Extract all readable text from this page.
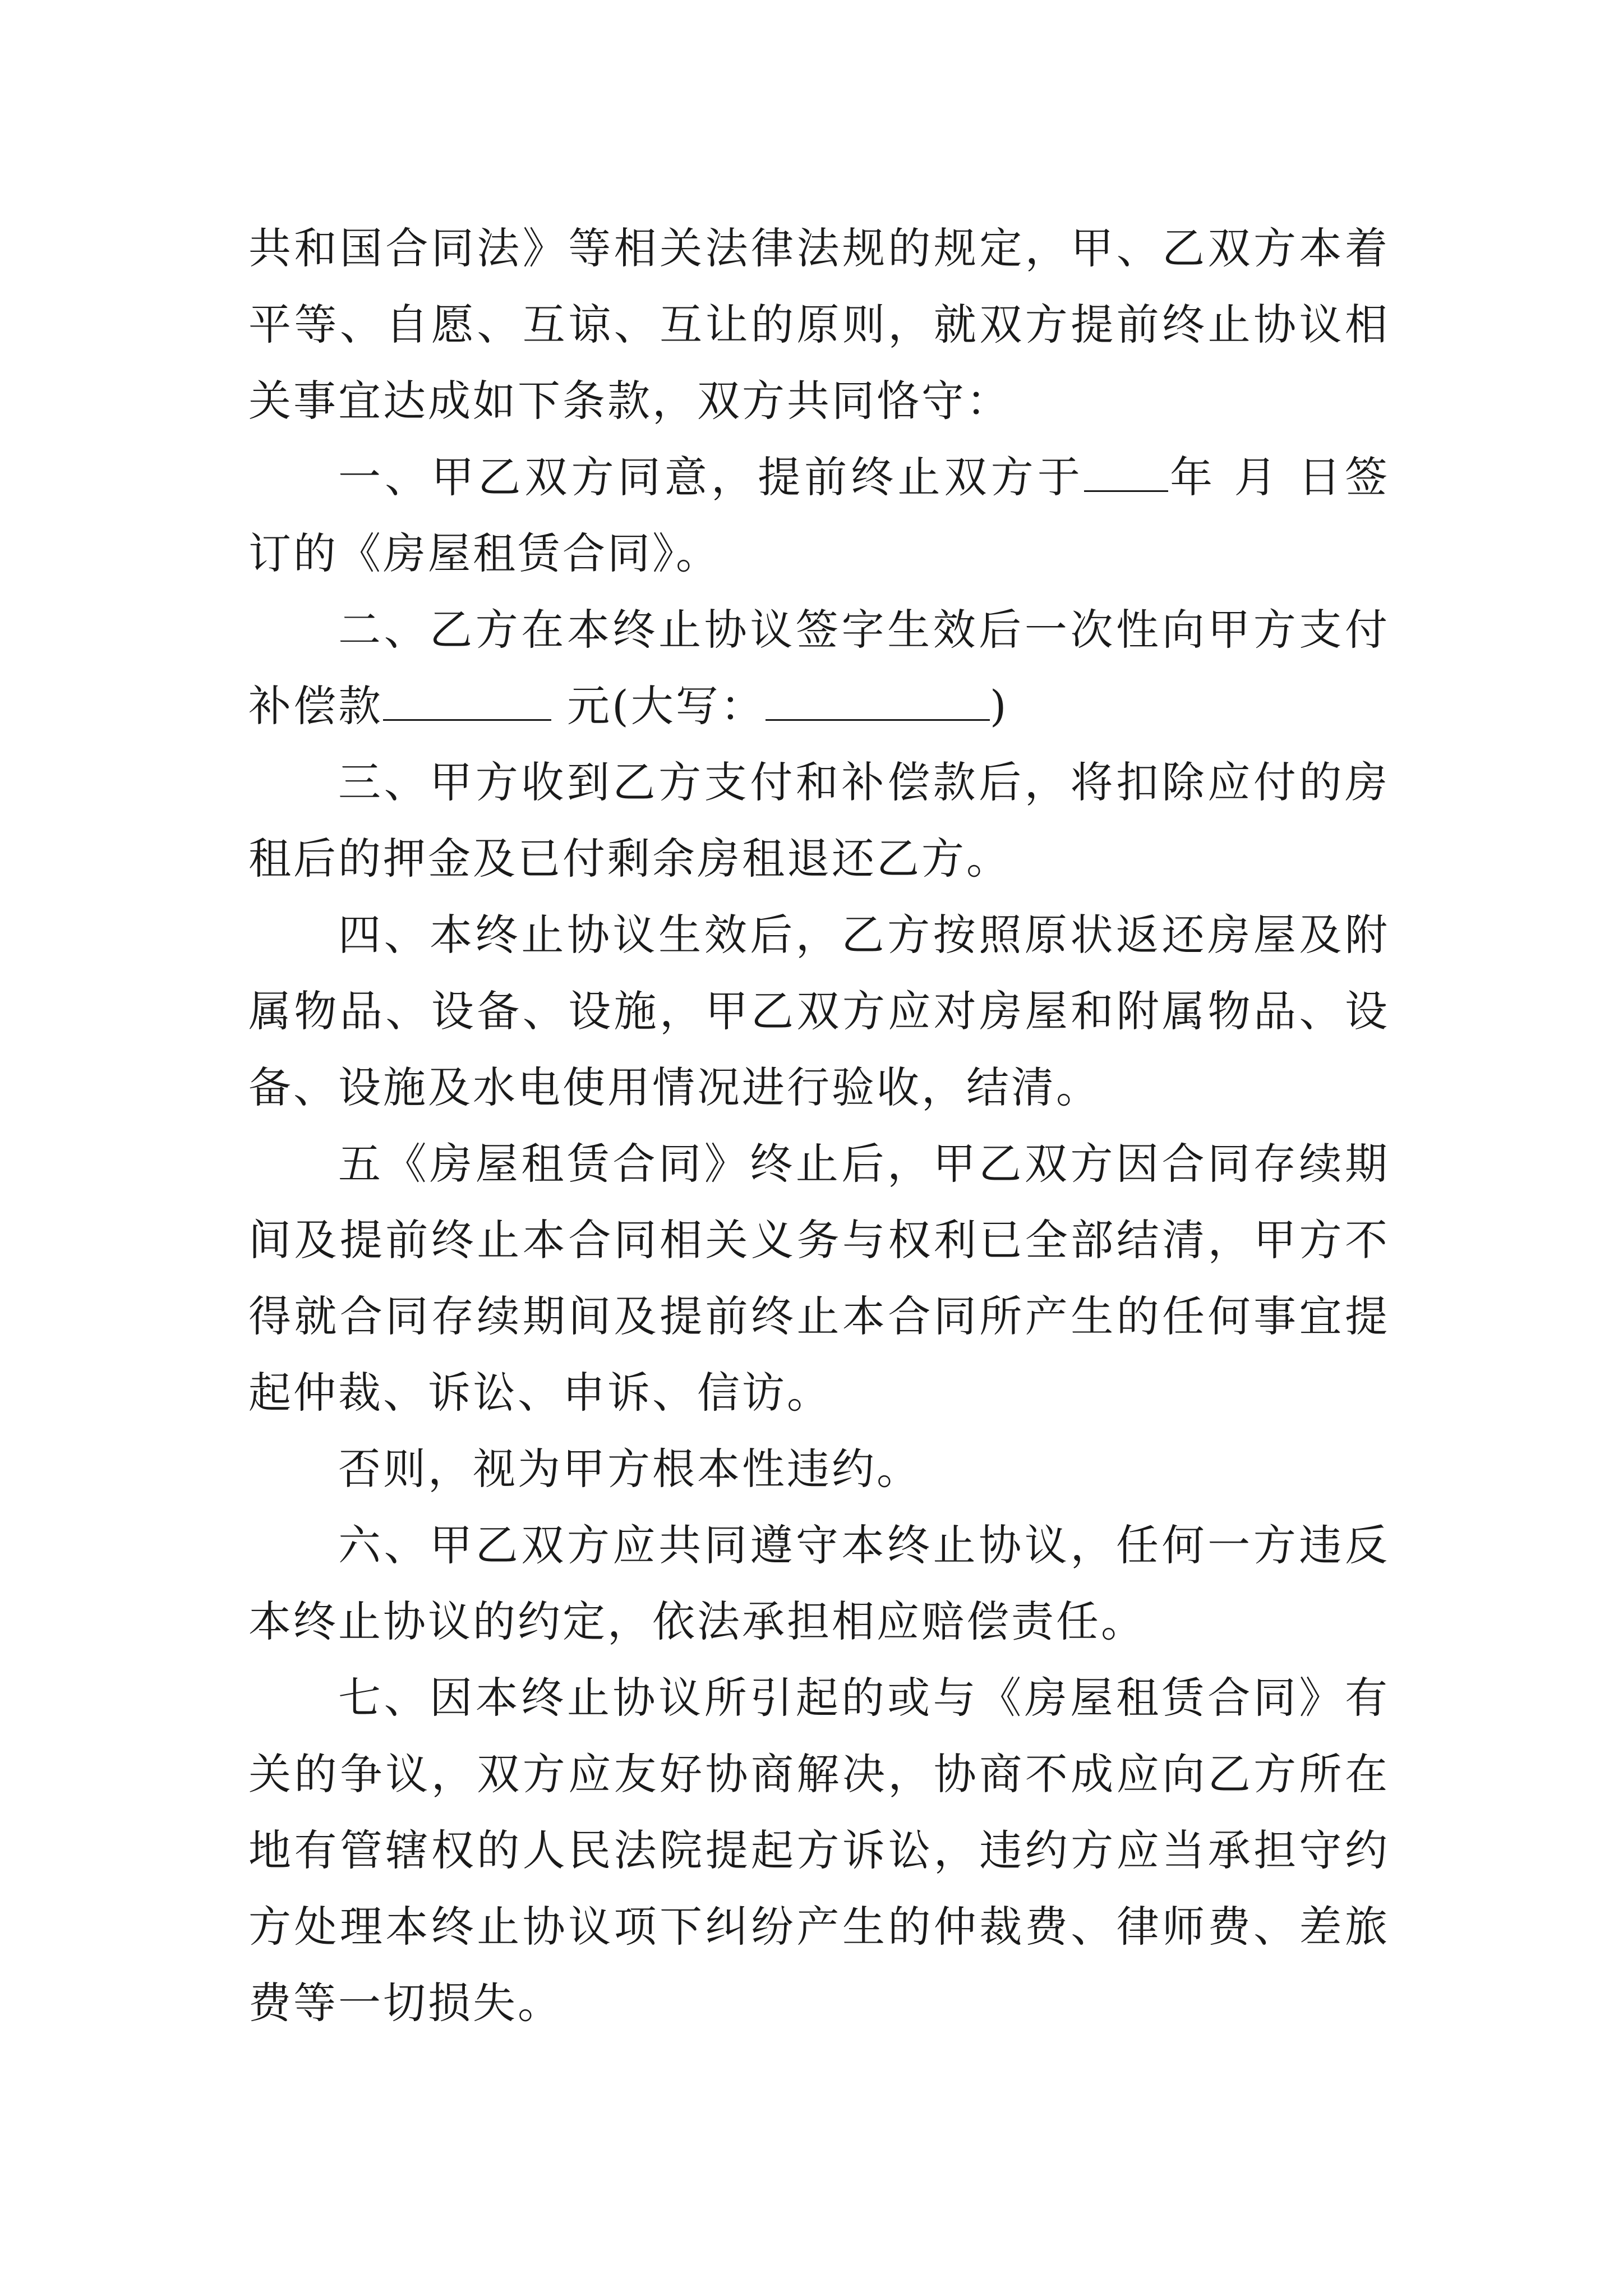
共和国合同法》等相关法律法规的规定，甲、乙双方本着平等、自愿、互谅、互让的原则，就双方提前终止协议相关事宜达成如下条款，双方共同恪守：

一、甲乙双方同意，提前终止双方于 年 月 日签订的《房屋租赁合同》。

二、乙方在本终止协议签字生效后一次性向甲方支付补偿款	元(大写：	)

三、甲方收到乙方支付和补偿款后，将扣除应付的房租后的押金及已付剩余房租退还乙方。

四、本终止协议生效后，乙方按照原状返还房屋及附属物品、设备、设施，甲乙双方应对房屋和附属物品、设备、设施及水电使用情况进行验收，结清。

五《房屋租赁合同》终止后，甲乙双方因合同存续期间及提前终止本合同相关义务与权利已全部结清，甲方不得就合同存续期间及提前终止本合同所产生的任何事宜提起仲裁、诉讼、申诉、信访。

否则，视为甲方根本性违约。

六、甲乙双方应共同遵守本终止协议，任何一方违反本终止协议的约定，依法承担相应赔偿责任。

七、因本终止协议所引起的或与《房屋租赁合同》有关的争议，双方应友好协商解决，协商不成应向乙方所在地有管辖权的人民法院提起方诉讼，违约方应当承担守约方处理本终止协议项下纠纷产生的仲裁费、律师费、差旅费等一切损失。
